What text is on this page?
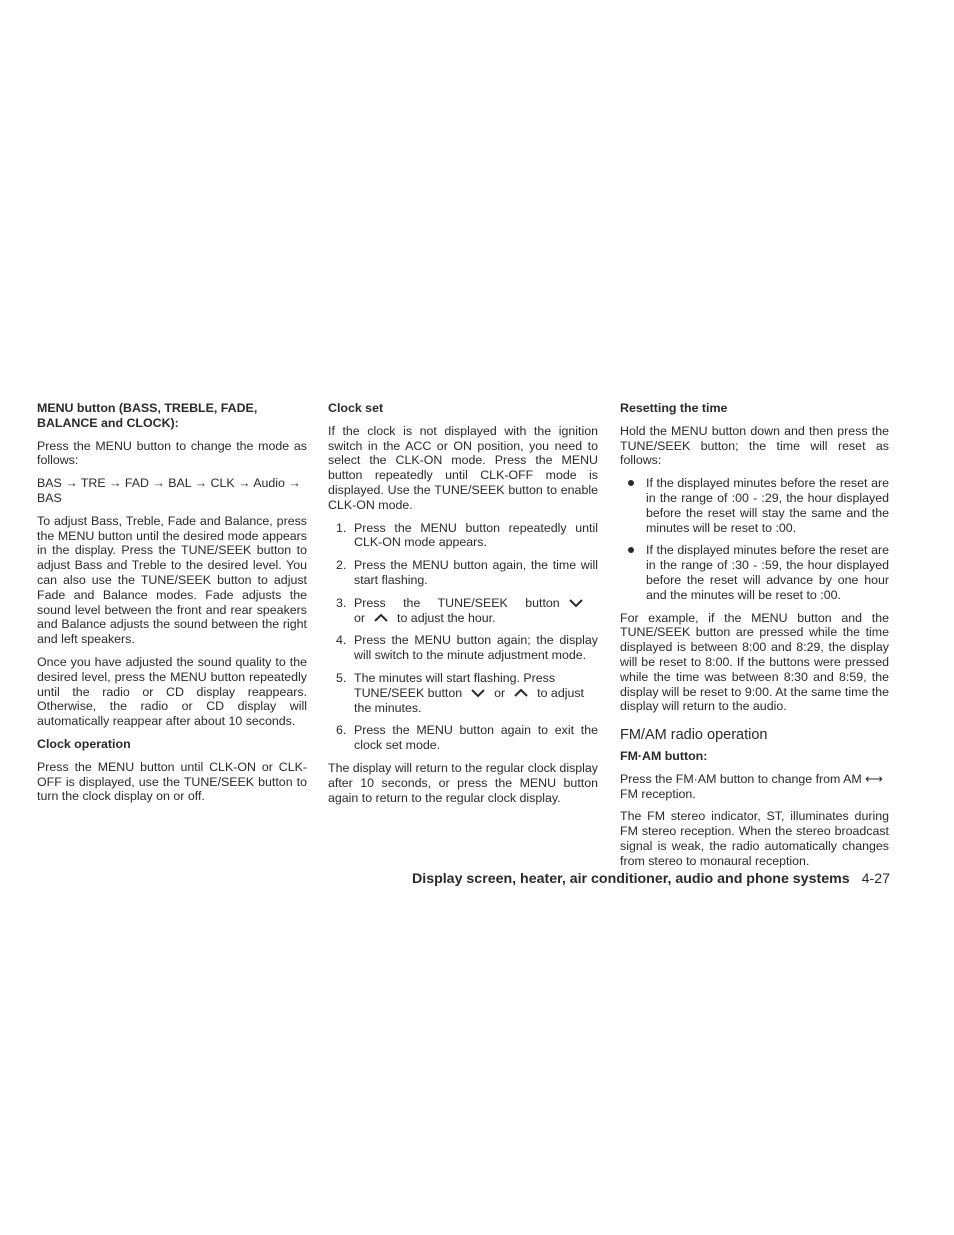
MENU button (BASS, TREBLE, FADE, BALANCE and CLOCK):

Press the MENU button to change the mode as follows:

BAS → TRE → FAD → BAL → CLK → Audio → BAS

To adjust Bass, Treble, Fade and Balance, press the MENU button until the desired mode appears in the display. Press the TUNE/SEEK button to adjust Bass and Treble to the desired level. You can also use the TUNE/SEEK button to adjust Fade and Balance modes. Fade adjusts the sound level between the front and rear speakers and Balance adjusts the sound between the right and left speakers.

Once you have adjusted the sound quality to the desired level, press the MENU button repeatedly until the radio or CD display reappears. Otherwise, the radio or CD display will automatically reappear after about 10 seconds.

Clock operation

Press the MENU button until CLK-ON or CLK-OFF is displayed, use the TUNE/SEEK button to turn the clock display on or off.

Clock set

If the clock is not displayed with the ignition switch in the ACC or ON position, you need to select the CLK-ON mode. Press the MENU button repeatedly until CLK-OFF mode is displayed. Use the TUNE/SEEK button to enable CLK-ON mode.

1. Press the MENU button repeatedly until CLK-ON mode appears.
2. Press the MENU button again, the time will start flashing.
3. Press the TUNE/SEEK button
or	to adjust the hour.
4. Press the MENU button again; the display will switch to the minute adjustment mode.
5. The minutes will start flashing. Press TUNE/SEEK button	or	to adjust the minutes.
6. Press the MENU button again to exit the clock set mode.

The display will return to the regular clock display after 10 seconds, or press the MENU button again to return to the regular clock display.

Resetting the time

Hold the MENU button down and then press the TUNE/SEEK button; the time will reset as follows:

If the displayed minutes before the reset are in the range of :00 - :29, the hour displayed before the reset will stay the same and the minutes will be reset to :00.
If the displayed minutes before the reset are in the range of :30 - :59, the hour displayed before the reset will advance by one hour and the minutes will be reset to :00.

For example, if the MENU button and the TUNE/SEEK button are pressed while the time displayed is between 8:00 and 8:29, the display will be reset to 8:00. If the buttons were pressed while the time was between 8:30 and 8:59, the display will be reset to 9:00. At the same time the display will return to the audio.

FM/AM radio operation
FM·AM button:

Press the FM·AM button to change from AM ⟷ FM reception.

The FM stereo indicator, ST, illuminates during FM stereo reception. When the stereo broadcast signal is weak, the radio automatically changes from stereo to monaural reception.

Display screen, heater, air conditioner, audio and phone systems 4-27
